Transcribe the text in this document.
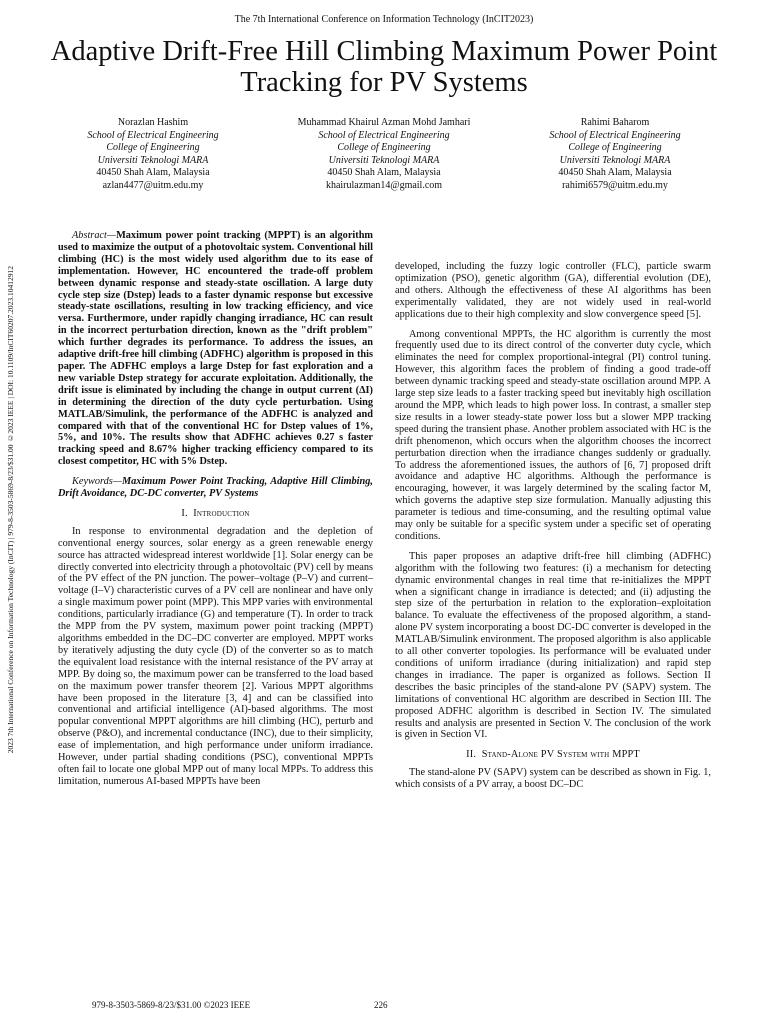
The 7th International Conference on Information Technology (InCIT2023)
Adaptive Drift-Free Hill Climbing Maximum Power Point Tracking for PV Systems
Norazlan Hashim
School of Electrical Engineering
College of Engineering
Universiti Teknologi MARA
40450 Shah Alam, Malaysia
azlan4477@uitm.edu.my
Muhammad Khairul Azman Mohd Jamhari
School of Electrical Engineering
College of Engineering
Universiti Teknologi MARA
40450 Shah Alam, Malaysia
khairulazman14@gmail.com
Rahimi Baharom
School of Electrical Engineering
College of Engineering
Universiti Teknologi MARA
40450 Shah Alam, Malaysia
rahimi6579@uitm.edu.my
2023 7th International Conference on Information Technology (InCIT) | 979-8-3503-5869-8/23/$31.00 ©2023 IEEE | DOI: 10.1109/InCIT60207.2023.10412912

Abstract—Maximum power point tracking (MPPT) is an algorithm used to maximize the output of a photovoltaic system. Conventional hill climbing (HC) is the most widely used algorithm due to its ease of implementation. However, HC encountered the trade-off problem between dynamic response and steady-state oscillation. A large duty cycle step size (Dstep) leads to a faster dynamic response but excessive steady-state oscillations, resulting in low tracking efficiency, and vice versa. Furthermore, under rapidly changing irradiance, HC can result in the incorrect perturbation direction, known as the "drift problem" which further degrades its performance. To address the issues, an adaptive drift-free hill climbing (ADFHC) algorithm is proposed in this paper. The ADFHC employs a large Dstep for fast exploration and a new variable Dstep strategy for accurate exploitation. Additionally, the drift issue is eliminated by including the change in output current (ΔI) in determining the direction of the duty cycle perturbation. Using MATLAB/Simulink, the performance of the ADFHC is analyzed and compared with that of the conventional HC for Dstep values of 1%, 5%, and 10%. The results show that ADFHC achieves 0.27 s faster tracking speed and 8.67% higher tracking efficiency compared to its closest competitor, HC with 5% Dstep.

Keywords—Maximum Power Point Tracking, Adaptive Hill Climbing, Drift Avoidance, DC-DC converter, PV Systems

I. Introduction

In response to environmental degradation and the depletion of conventional energy sources, solar energy as a green renewable energy source has attracted widespread interest worldwide [1]. Solar energy can be directly converted into electricity through a photovoltaic (PV) cell by means of the PV effect of the PN junction. The power–voltage (P–V) and current–voltage (I–V) characteristic curves of a PV cell are nonlinear and have only a single maximum power point (MPP). This MPP varies with environmental conditions, particularly irradiance (G) and temperature (T). In order to track the MPP from the PV system, maximum power point tracking (MPPT) algorithms embedded in the DC–DC converter are employed. MPPT works by iteratively adjusting the duty cycle (D) of the converter so as to match the equivalent load resistance with the internal resistance of the PV array at MPP. By doing so, the maximum power can be transferred to the load based on the maximum power transfer theorem [2]. Various MPPT algorithms have been proposed in the literature [3, 4] and can be classified into conventional and artificial intelligence (AI)-based algorithms. The most popular conventional MPPT algorithms are hill climbing (HC), perturb and observe (P&O), and incremental conductance (INC), due to their simplicity, ease of implementation, and high performance under uniform irradiance. However, under partial shading conditions (PSC), conventional MPPTs often fail to locate one global MPP out of many local MPPs. To address this limitation, numerous AI-based MPPTs have been

developed, including the fuzzy logic controller (FLC), particle swarm optimization (PSO), genetic algorithm (GA), differential evolution (DE), and others. Although the effectiveness of these AI algorithms has been experimentally validated, they are not widely used in real-world applications due to their high complexity and slow convergence speed [5].

Among conventional MPPTs, the HC algorithm is currently the most frequently used due to its direct control of the converter duty cycle, which eliminates the need for complex proportional-integral (PI) control tuning. However, this algorithm faces the problem of finding a good trade-off between dynamic tracking speed and steady-state oscillation around MPP. A large step size leads to a faster tracking speed but inevitably high oscillation around the MPP, which leads to high power loss. In contrast, a smaller step size results in a lower steady-state power loss but a slower MPP tracking speed during the transient phase. Another problem associated with HC is the drift phenomenon, which occurs when the algorithm chooses the incorrect perturbation direction when the irradiance changes suddenly or gradually. To address the aforementioned issues, the authors of [6, 7] proposed drift avoidance and adaptive HC algorithms. Although the performance is encouraging, however, it was largely determined by the scaling factor M, which governs the adaptive step size formulation. Manually adjusting this parameter is tedious and time-consuming, and the resulting optimal value may only be suitable for a specific system under a specific set of operating conditions.

This paper proposes an adaptive drift-free hill climbing (ADFHC) algorithm with the following two features: (i) a mechanism for detecting dynamic environmental changes in real time that re-initializes the MPPT when a significant change in irradiance is detected; and (ii) adjusting the step size of the perturbation in relation to the exploration–exploitation balance. To evaluate the effectiveness of the proposed algorithm, a stand-alone PV system incorporating a boost DC-DC converter is developed in the MATLAB/Simulink environment. The proposed algorithm is also applicable to all other converter topologies. Its performance will be evaluated under conditions of uniform irradiance (during initialization) and rapid step changes in irradiance. The paper is organized as follows. Section II describes the basic principles of the stand-alone PV (SAPV) system. The limitations of conventional HC algorithm are described in Section III. The proposed ADFHC algorithm is described in Section IV. The simulated results and analysis are presented in Section V. The conclusion of the work is given in Section VI.

II. Stand-Alone PV System with MPPT

The stand-alone PV (SAPV) system can be described as shown in Fig. 1, which consists of a PV array, a boost DC–DC

979-8-3503-5869-8/23/$31.00 ©2023 IEEE	226
